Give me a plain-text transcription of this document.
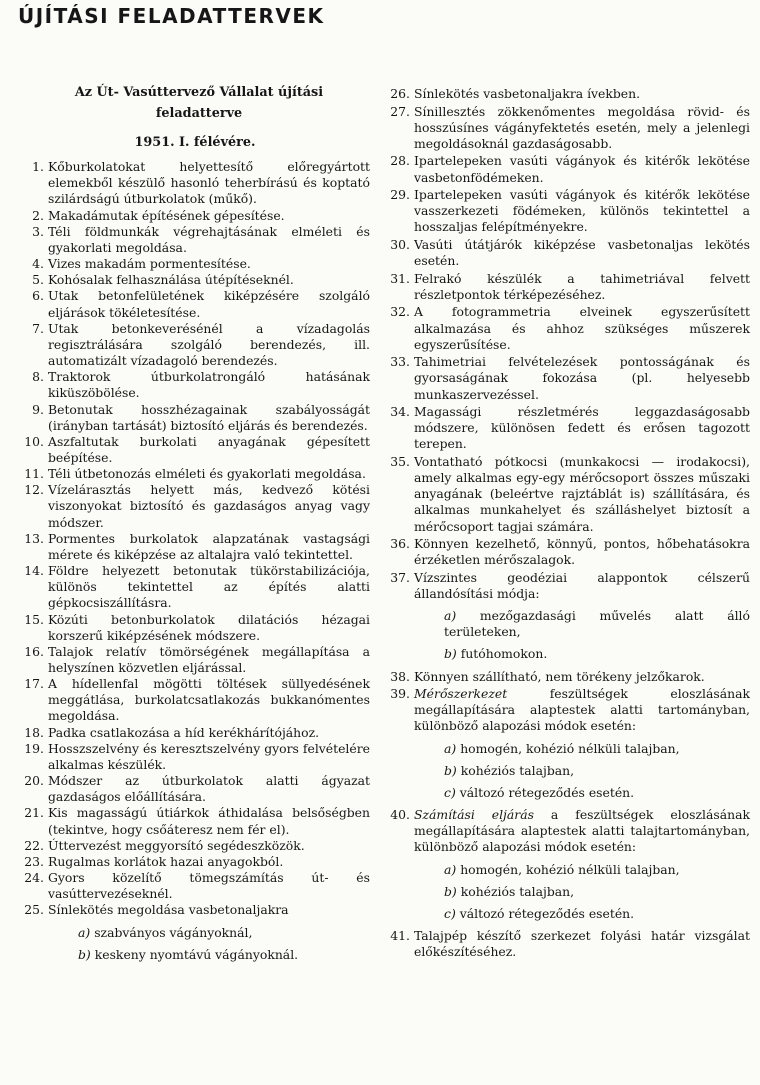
ÚJÍTÁSI FELADATTERVEK
Az Út- Vasúttervező Vállalat újítási feladatterve
1951. I. félévére.
1. Kőburkolatokat helyettesítő előregyártott elemekből készülő hasonló teherbírású és koptató szilárdságú útburkolatok (műkő).
2. Makadámutak építésének gépesítése.
3. Téli földmunkák végrehajtásának elméleti és gyakorlati megoldása.
4. Vizes makadám pormentesítése.
5. Kohósalak felhasználása útépítéseknél.
6. Utak betonfelületének kiképzésére szolgáló eljárások tökéletesítése.
7. Utak betonkeverésénél a vízadagolás regisztrálására szolgáló berendezés, ill. automatizált vízadagoló berendezés.
8. Traktorok útburkolatrongáló hatásának kiküszöbölése.
9. Betonutak hosszhézagainak szabályosságát (irányban tartását) biztosító eljárás és berendezés.
10. Aszfaltutak burkolati anyagának gépesített beépítése.
11. Téli útbetonozás elméleti és gyakorlati megoldása.
12. Vízelárasztás helyett más, kedvező kötési viszonyokat biztosító és gazdaságos anyag vagy módszer.
13. Pormentes burkolatok alapzatának vastagsági mérete és kiképzése az altalajra való tekintettel.
14. Földre helyezett betonutak tükörstabilizációja, különös tekintettel az építés alatti gépkocsiszállításra.
15. Közúti betonburkolatok dilatációs hézagai korszerű kiképzésének módszere.
16. Talajok relatív tömörségének megállapítása a helyszínen közvetlen eljárással.
17. A hídellenfal mögötti töltések süllyedésének meggátlása, burkolatcsatlakozás bukkanómentes megoldása.
18. Padka csatlakozása a híd kerékhárítójához.
19. Hosszszelvény és keresztszelvény gyors felvételére alkalmas készülék.
20. Módszer az útburkolatok alatti ágyazat gazdaságos előállítására.
21. Kis magasságú útiárkok áthidalása belsőségben (tekintve, hogy csőáteresz nem fér el).
22. Úttervezést meggyorsító segédeszközök.
23. Rugalmas korlátok hazai anyagokból.
24. Gyors közelítő tömegszámítás út- és vasúttervezéseknél.
25. Sínlekötés megoldása vasbetonaljakra
a) szabványos vágányoknál,
b) keskeny nyomtávú vágányoknál.
26. Sínlekötés vasbetonaljakra ívekben.
27. Sínillesztés zökkenőmentes megoldása rövid- és hosszúsínes vágányfektetés esetén, mely a jelenlegi megoldásoknál gazdaságosabb.
28. Ipartelepeken vasúti vágányok és kitérők lekötése vasbetonfödémeken.
29. Ipartelepeken vasúti vágányok és kitérők lekötése vasszerkezeti födémeken, különös tekintettel a hosszaljas felépítményekre.
30. Vasúti útátjárók kiképzése vasbetonaljas lekötés esetén.
31. Felrakó készülék a tahimetriával felvett részletpontok térképezéséhez.
32. A fotogrammetria elveinek egyszerűsített alkalmazása és ahhoz szükséges műszerek egyszerűsítése.
33. Tahimetriai felvételezések pontosságának és gyorsaságának fokozása (pl. helyesebb munkaszervezéssel.
34. Magassági részletmérés leggazdaságosabb módszere, különösen fedett és erősen tagozott terepen.
35. Vontatható pótkocsi (munkakocsi — irodakocsi), amely alkalmas egy-egy mérőcsoport összes műszaki anyagának (beleértve rajztáblát is) szállítására, és alkalmas munkahelyet és szálláshelyet biztosít a mérőcsoport tagjai számára.
36. Könnyen kezelhető, könnyű, pontos, hőbehatásokra érzéketlen mérőszalagok.
37. Vízszintes geodéziai alappontok célszerű állandósítási módja:
a) mezőgazdasági művelés alatt álló területeken,
b) futóhomokon.
38. Könnyen szállítható, nem törékeny jelzőkarok.
39. Mérőszerkezet feszültségek eloszlásának megállapítására alaptestek alatti tartományban, különböző alapozási módok esetén:
a) homogén, kohézió nélküli talajban,
b) kohéziós talajban,
c) változó rétegeződés esetén.
40. Számítási eljárás a feszültségek eloszlásának megállapítására alaptestek alatti talajtartományban, különböző alapozási módok esetén:
a) homogén, kohézió nélküli talajban,
b) kohéziós talajban,
c) változó rétegeződés esetén.
41. Talajpép készítő szerkezet folyási határ vizsgálat előkészítéséhez.
